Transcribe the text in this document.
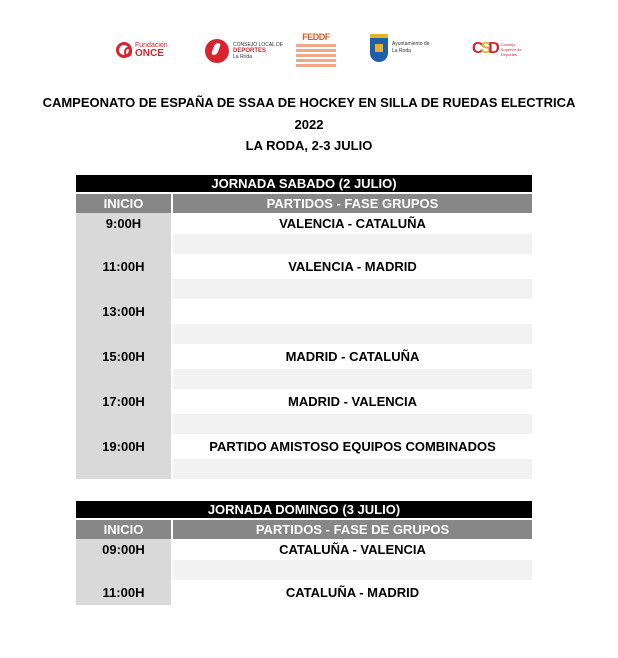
Fundación
ONCE
CONSEJO LOCAL DE
DEPORTES
La Roda
FEDDF
Ayuntamiento de
La Roda	CSD Consejo
Superior de
Deportes
CAMPEONATO DE ESPAÑA DE SSAA DE HOCKEY EN SILLA DE RUEDAS ELECTRICA
2022
LA RODA, 2-3 JULIO
JORNADA SABADO (2 JULIO)
INICIO	PARTIDOS - FASE GRUPOS
9:00H	VALENCIA - CATALUÑA
11:00H	VALENCIA - MADRID
13:00H
15:00H	MADRID - CATALUÑA
17:00H	MADRID - VALENCIA
19:00H	PARTIDO AMISTOSO EQUIPOS COMBINADOS
JORNADA DOMINGO (3 JULIO)
INICIO	PARTIDOS - FASE DE GRUPOS
09:00H	CATALUÑA - VALENCIA
11:00H	CATALUÑA - MADRID
